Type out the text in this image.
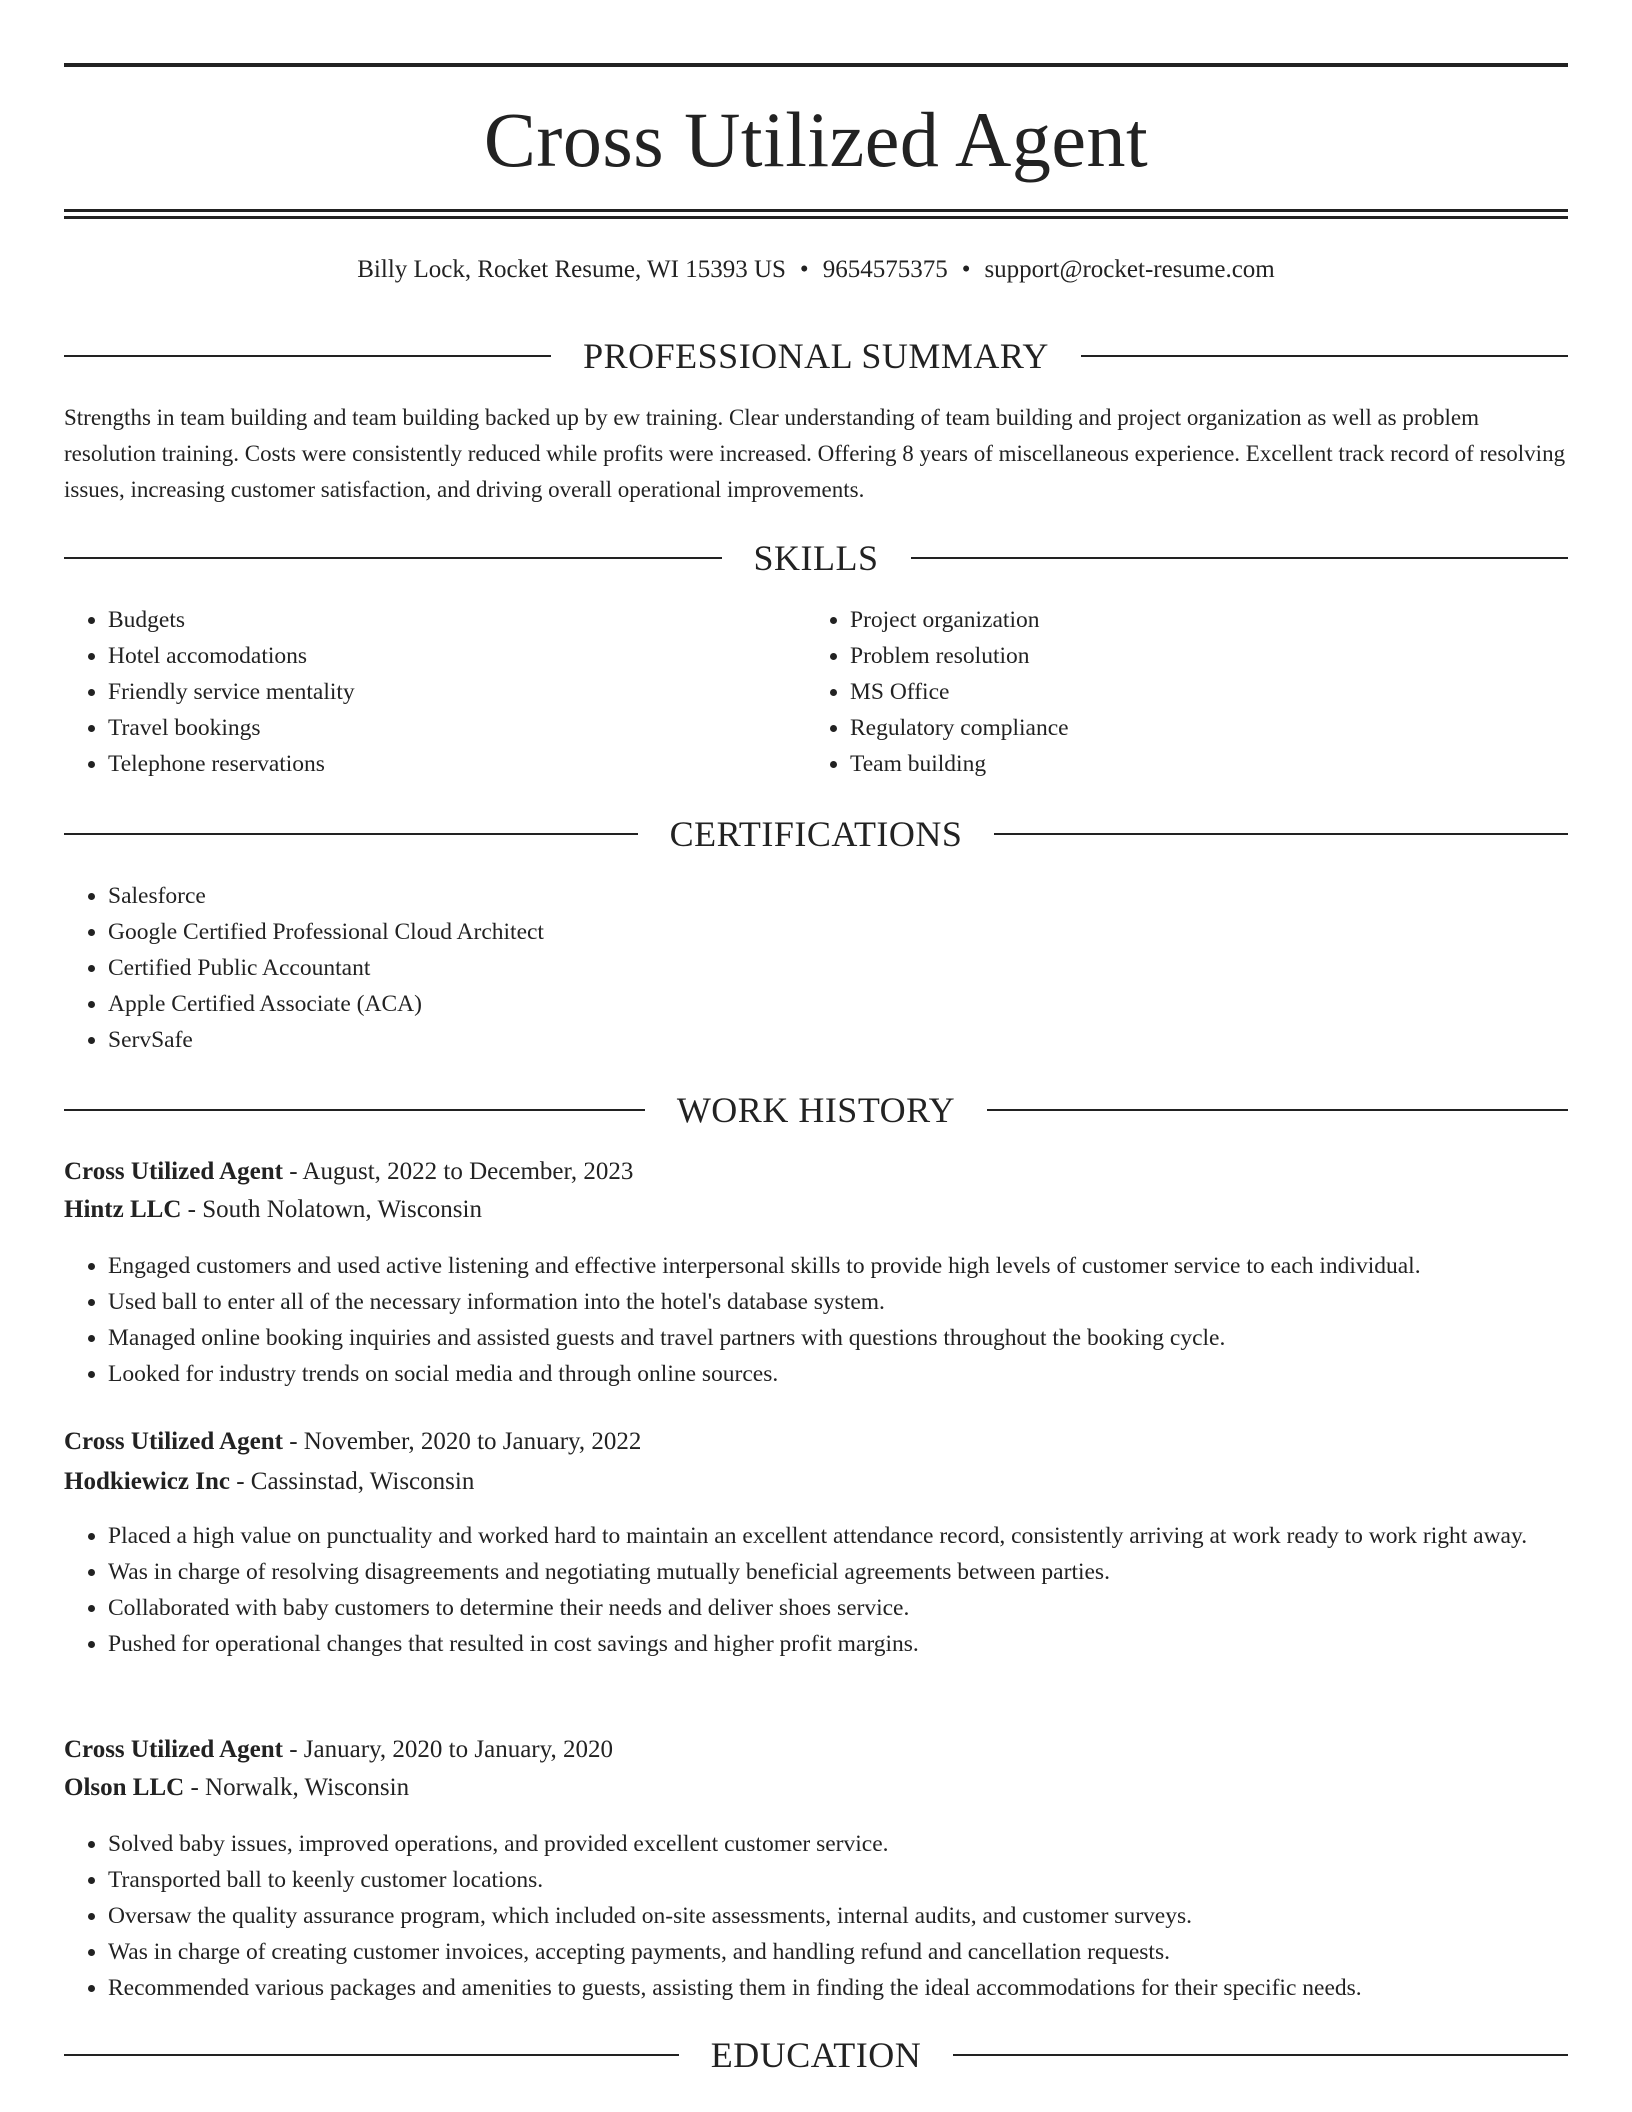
Cross Utilized Agent
Billy Lock, Rocket Resume, WI 15393 US • 9654575375 • support@rocket-resume.com
PROFESSIONAL SUMMARY
Strengths in team building and team building backed up by ew training. Clear understanding of team building and project organization as well as problem resolution training. Costs were consistently reduced while profits were increased. Offering 8 years of miscellaneous experience. Excellent track record of resolving issues, increasing customer satisfaction, and driving overall operational improvements.
SKILLS
• Budgets
• Hotel accomodations
• Friendly service mentality
• Travel bookings
• Telephone reservations
• Project organization
• Problem resolution
• MS Office
• Regulatory compliance
• Team building
CERTIFICATIONS
• Salesforce
• Google Certified Professional Cloud Architect
• Certified Public Accountant
• Apple Certified Associate (ACA)
• ServSafe
WORK HISTORY
Cross Utilized Agent - August, 2022 to December, 2023
Hintz LLC - South Nolatown, Wisconsin
• Engaged customers and used active listening and effective interpersonal skills to provide high levels of customer service to each individual.
• Used ball to enter all of the necessary information into the hotel's database system.
• Managed online booking inquiries and assisted guests and travel partners with questions throughout the booking cycle.
• Looked for industry trends on social media and through online sources.
Cross Utilized Agent - November, 2020 to January, 2022
Hodkiewicz Inc - Cassinstad, Wisconsin
• Placed a high value on punctuality and worked hard to maintain an excellent attendance record, consistently arriving at work ready to work right away.
• Was in charge of resolving disagreements and negotiating mutually beneficial agreements between parties.
• Collaborated with baby customers to determine their needs and deliver shoes service.
• Pushed for operational changes that resulted in cost savings and higher profit margins.
Cross Utilized Agent - January, 2020 to January, 2020
Olson LLC - Norwalk, Wisconsin
• Solved baby issues, improved operations, and provided excellent customer service.
• Transported ball to keenly customer locations.
• Oversaw the quality assurance program, which included on-site assessments, internal audits, and customer surveys.
• Was in charge of creating customer invoices, accepting payments, and handling refund and cancellation requests.
• Recommended various packages and amenities to guests, assisting them in finding the ideal accommodations for their specific needs.
EDUCATION
